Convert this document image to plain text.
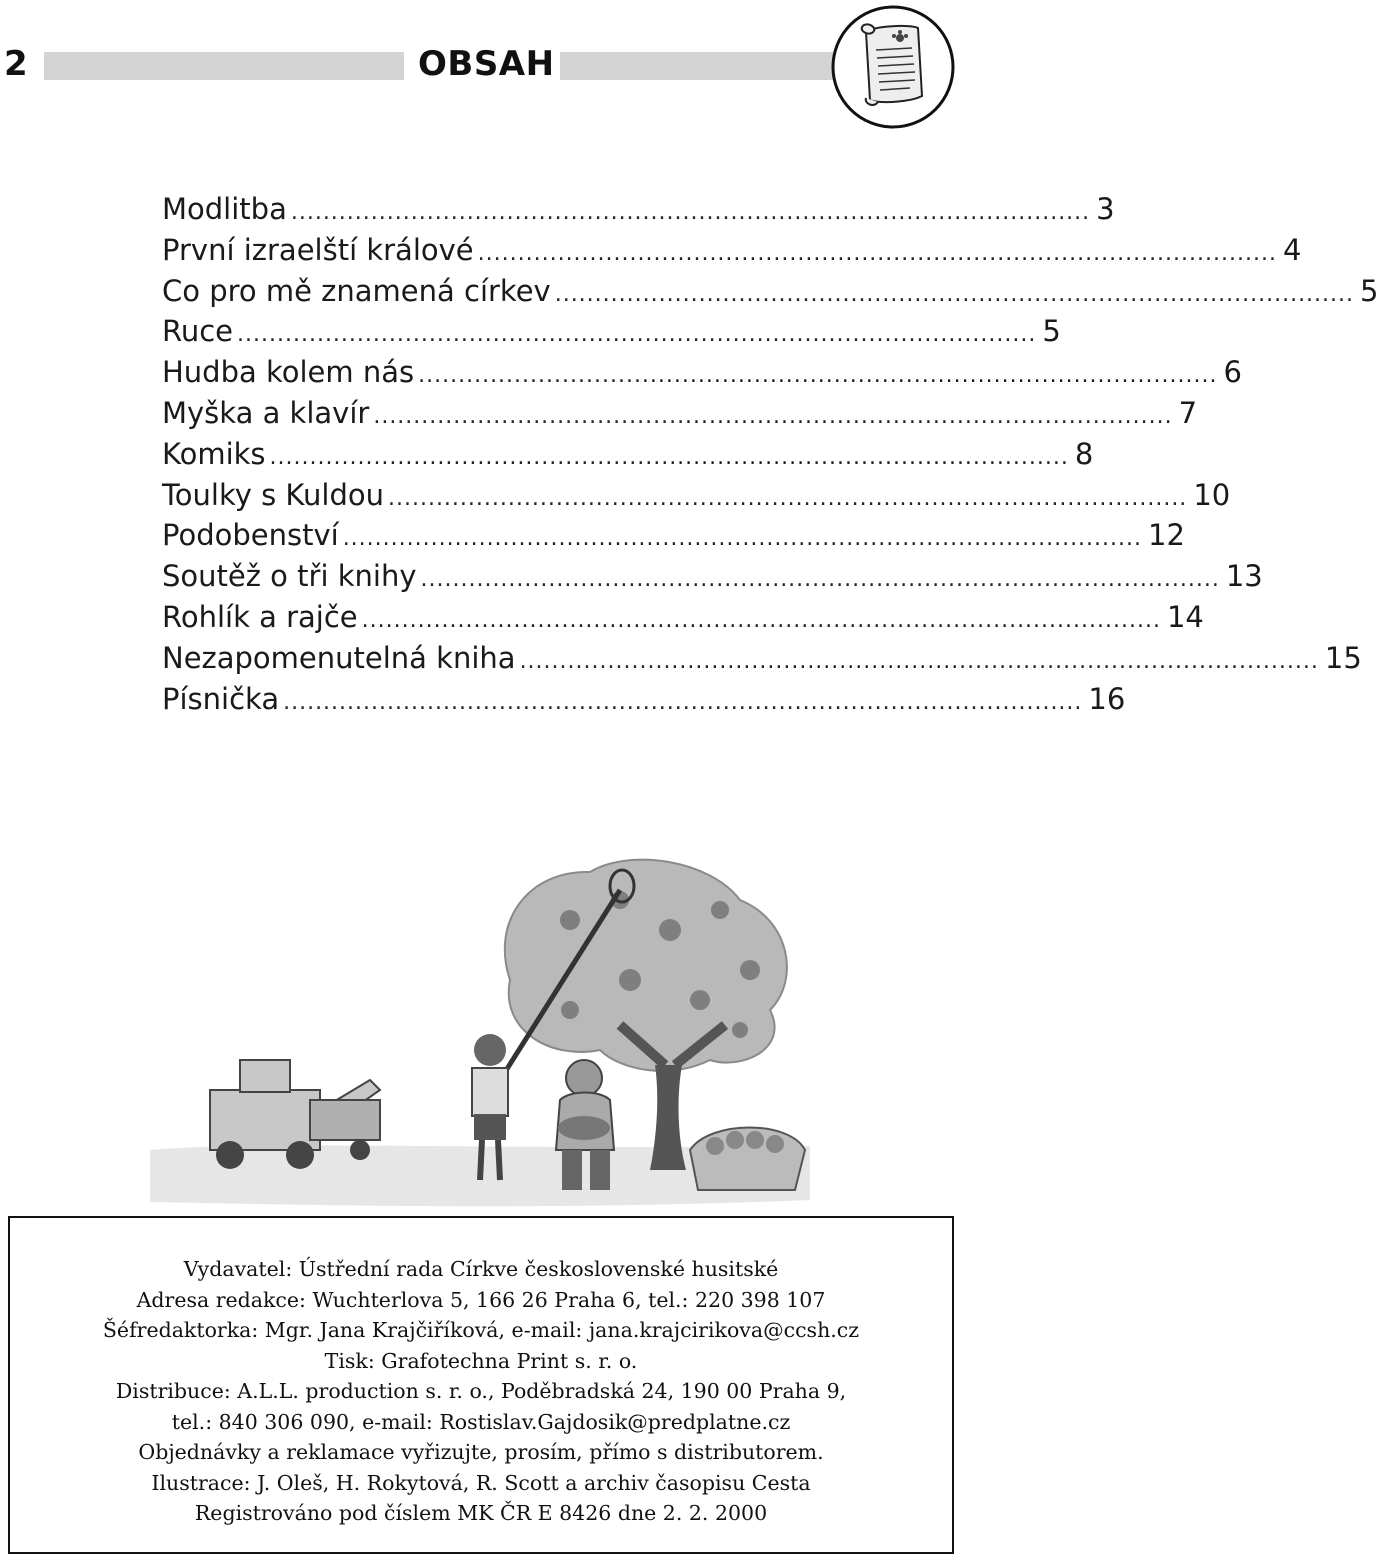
2	OBSAH
Modlitba .................................................................................................... 3
První izraelští králové .................................................................................................... 4
Co pro mě znamená církev .................................................................................................... 5
Ruce .................................................................................................... 5
Hudba kolem nás .................................................................................................... 6
Myška a klavír .................................................................................................... 7
Komiks .................................................................................................... 8
Toulky s Kuldou .................................................................................................... 10
Podobenství .................................................................................................... 12
Soutěž o tři knihy .................................................................................................... 13
Rohlík a rajče .................................................................................................... 14
Nezapomenutelná kniha .................................................................................................... 15
Písnička .................................................................................................... 16
Vydavatel: Ústřední rada Církve československé husitské
Adresa redakce: Wuchterlova 5, 166 26 Praha 6, tel.: 220 398 107
Šéfredaktorka: Mgr. Jana Krajčiříková, e-mail: jana.krajcirikova@ccsh.cz
Tisk: Grafotechna Print s. r. o.
Distribuce: A.L.L. production s. r. o., Poděbradská 24, 190 00 Praha 9,
tel.: 840 306 090, e-mail: Rostislav.Gajdosik@predplatne.cz
Objednávky a reklamace vyřizujte, prosím, přímo s distributorem.
Ilustrace: J. Oleš, H. Rokytová, R. Scott a archiv časopisu Cesta
Registrováno pod číslem MK ČR E 8426 dne 2. 2. 2000
